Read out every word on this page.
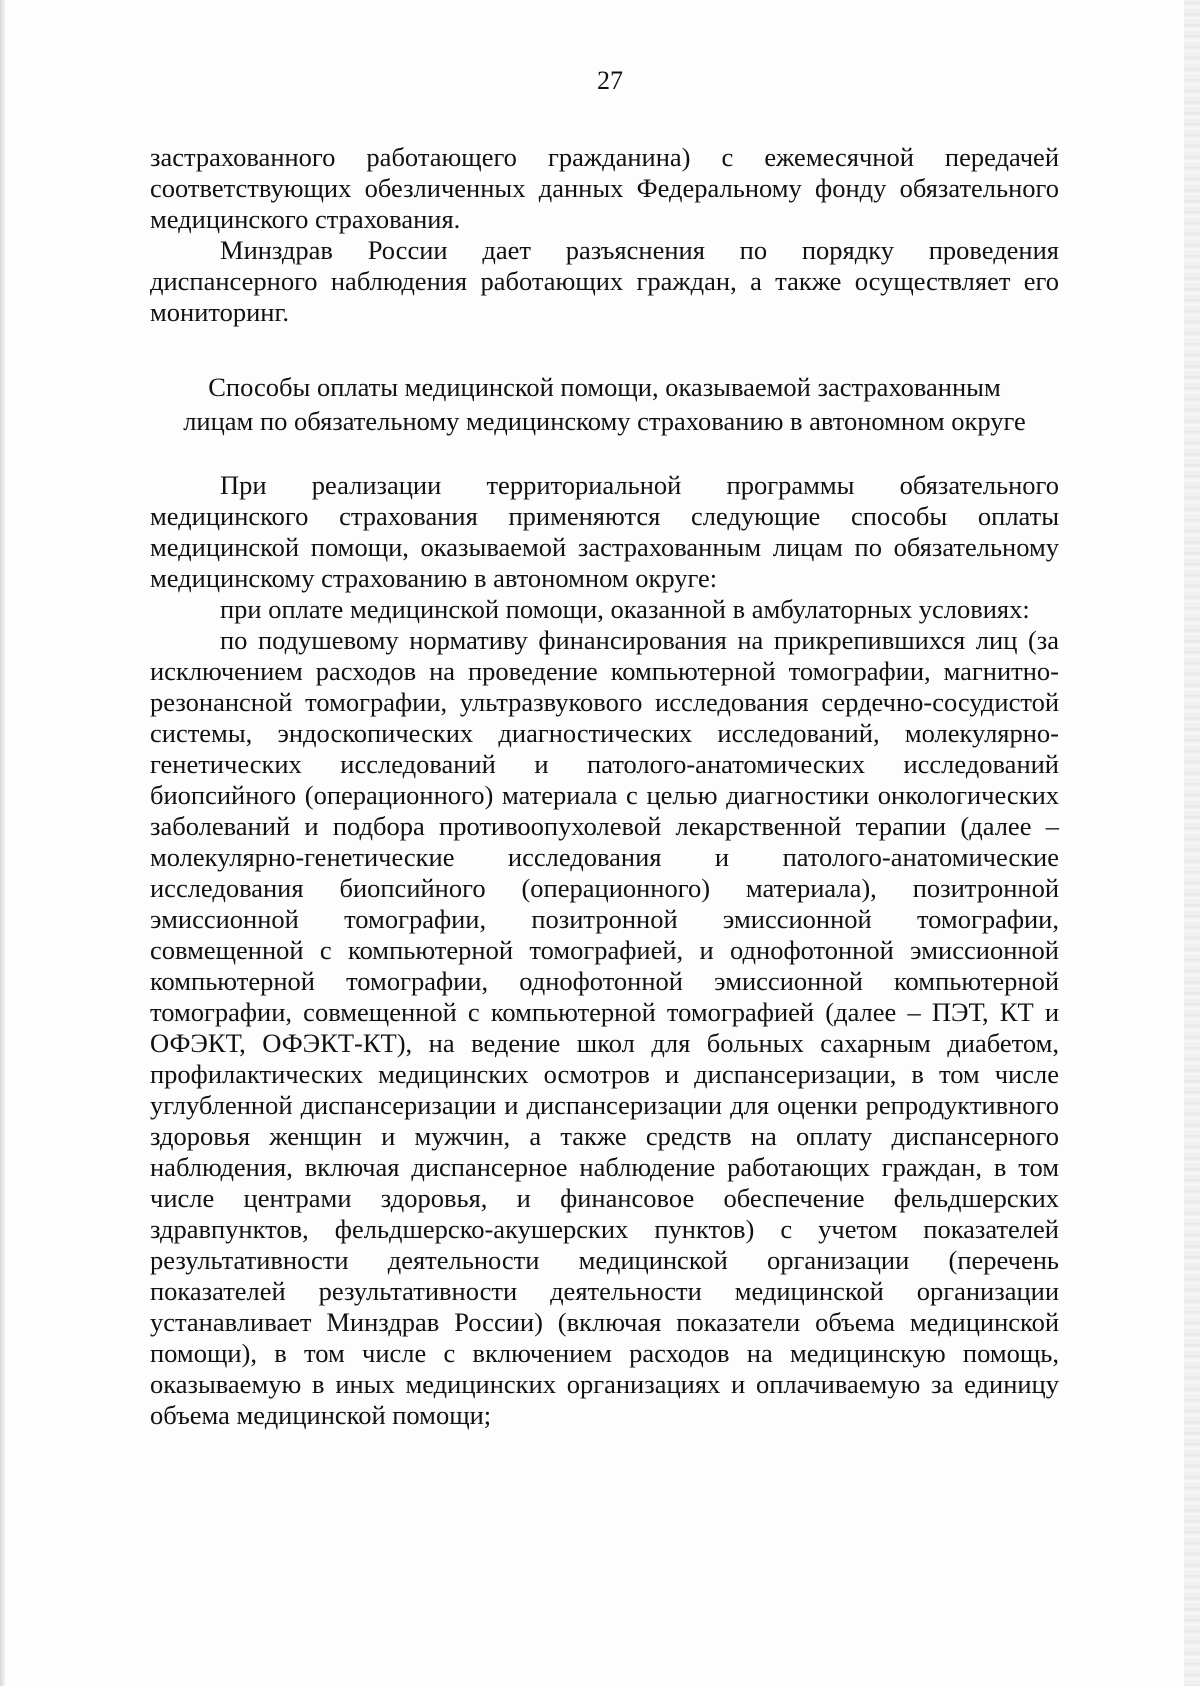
27

застрахованного работающего гражданина) с ежемесячной передачей соответствующих обезличенных данных Федеральному фонду обязательного медицинского страхования.

Минздрав России дает разъяснения по порядку проведения диспансерного наблюдения работающих граждан, а также осуществляет его мониторинг.

Способы оплаты медицинской помощи, оказываемой застрахованным
лицам по обязательному медицинскому страхованию в автономном округе

При реализации территориальной программы обязательного медицинского страхования применяются следующие способы оплаты медицинской помощи, оказываемой застрахованным лицам по обязательному медицинскому страхованию в автономном округе:

при оплате медицинской помощи, оказанной в амбулаторных условиях:

по подушевому нормативу финансирования на прикрепившихся лиц (за исключением расходов на проведение компьютерной томографии, магнитно-резонансной томографии, ультразвукового исследования сердечно-сосудистой системы, эндоскопических диагностических исследований, молекулярно-генетических исследований и патолого-анатомических исследований биопсийного (операционного) материала с целью диагностики онкологических заболеваний и подбора противоопухолевой лекарственной терапии (далее – молекулярно-генетические исследования и патолого-анатомические исследования биопсийного (операционного) материала), позитронной эмиссионной томографии, позитронной эмиссионной томографии, совмещенной с компьютерной томографией, и однофотонной эмиссионной компьютерной томографии, однофотонной эмиссионной компьютерной томографии, совмещенной с компьютерной томографией (далее – ПЭТ, КТ и ОФЭКТ, ОФЭКТ-КТ), на ведение школ для больных сахарным диабетом, профилактических медицинских осмотров и диспансеризации, в том числе углубленной диспансеризации и диспансеризации для оценки репродуктивного здоровья женщин и мужчин, а также средств на оплату диспансерного наблюдения, включая диспансерное наблюдение работающих граждан, в том числе центрами здоровья, и финансовое обеспечение фельдшерских здравпунктов, фельдшерско-акушерских пунктов) с учетом показателей результативности деятельности медицинской организации (перечень показателей результативности деятельности медицинской организации устанавливает Минздрав России) (включая показатели объема медицинской помощи), в том числе с включением расходов на медицинскую помощь, оказываемую в иных медицинских организациях и оплачиваемую за единицу объема медицинской помощи;
